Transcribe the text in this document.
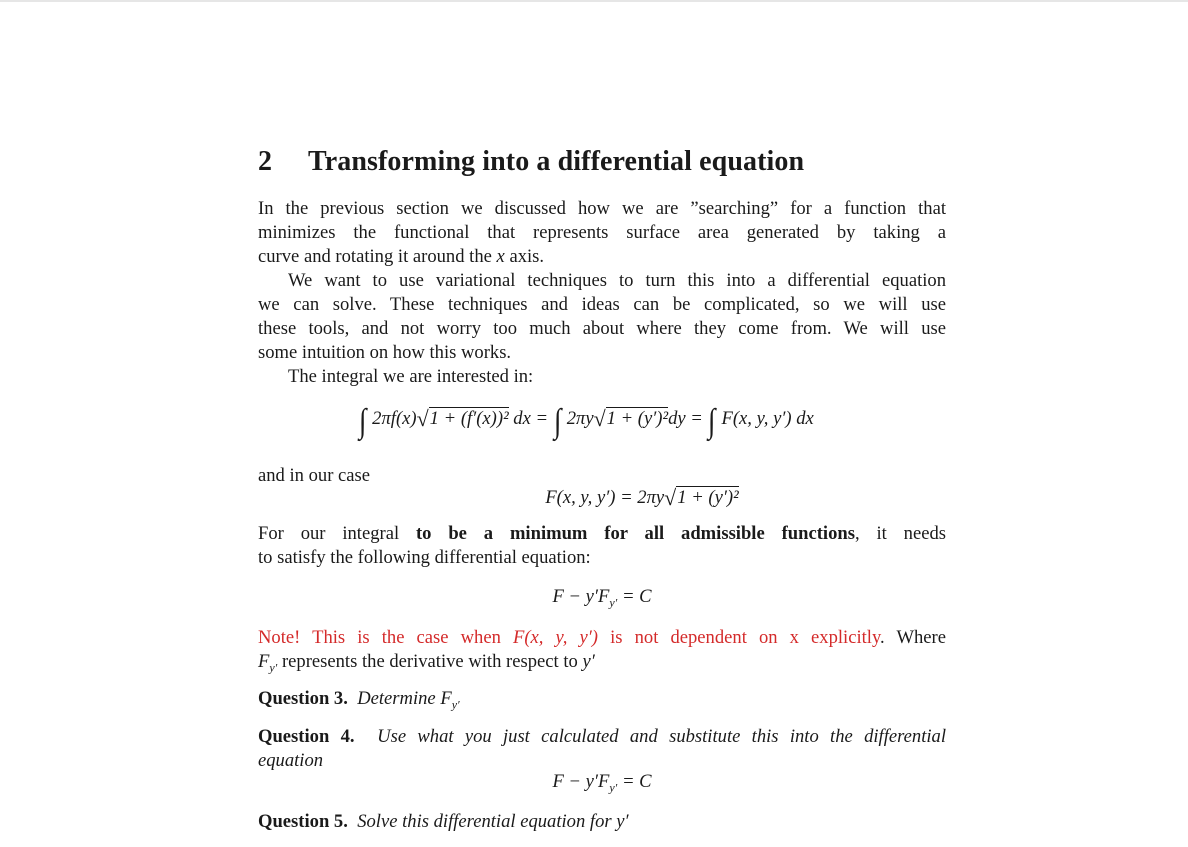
2 Transforming into a differential equation
In the previous section we discussed how we are ”searching” for a function that
minimizes the functional that represents surface area generated by taking a
curve and rotating it around the x axis.
We want to use variational techniques to turn this into a differential equation
we can solve. These techniques and ideas can be complicated, so we will use
these tools, and not worry too much about where they come from. We will use
some intuition on how this works.
The integral we are interested in:
∫ 2πf(x)√1 + (f′(x))² dx = ∫ 2πy√1 + (y′)²dy = ∫ F(x, y, y′) dx
and in our case
F(x, y, y′) = 2πy√1 + (y′)²
For our integral to be a minimum for all admissible functions, it needs
to satisfy the following differential equation:
$F - y'F_{y'} = C$
Note! This is the case when F(x, y, y′) is not dependent on x explicitly. Where
$F_{y'}$ represents the derivative with respect to y′
Question 3. Determine $F_{y'}$
Question 4. Use what you just calculated and substitute this into the differential
equation
$F - y'F_{y'} = C$
Question 5. Solve this differential equation for y′
